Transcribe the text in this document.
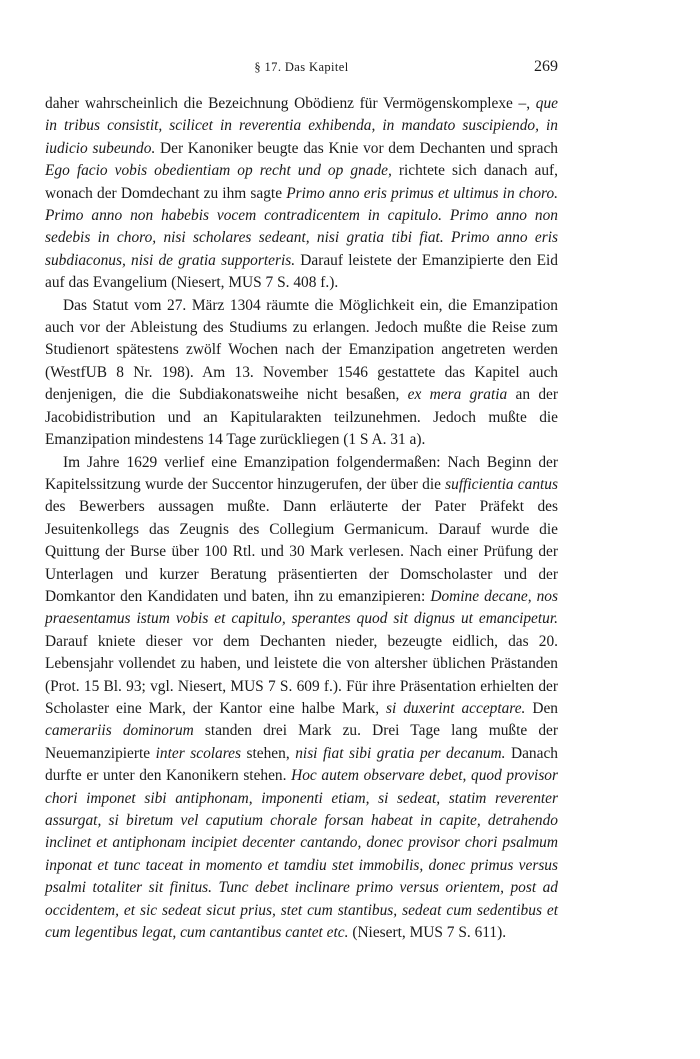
§ 17. Das Kapitel	269

daher wahrscheinlich die Bezeichnung Obödienz für Vermögenskomplexe –, que in tribus consistit, scilicet in reverentia exhibenda, in mandato suscipiendo, in iudicio subeundo. Der Kanoniker beugte das Knie vor dem Dechanten und sprach Ego facio vobis obedientiam op recht und op gnade, richtete sich danach auf, wonach der Domdechant zu ihm sagte Primo anno eris primus et ultimus in choro. Primo anno non habebis vocem contradicentem in capitulo. Primo anno non sedebis in choro, nisi scholares sedeant, nisi gratia tibi fiat. Primo anno eris subdiaconus, nisi de gratia supporteris. Darauf leistete der Emanzipierte den Eid auf das Evangelium (Niesert, MUS 7 S. 408 f.).

Das Statut vom 27. März 1304 räumte die Möglichkeit ein, die Emanzipation auch vor der Ableistung des Studiums zu erlangen. Jedoch mußte die Reise zum Studienort spätestens zwölf Wochen nach der Emanzipation angetreten werden (WestfUB 8 Nr. 198). Am 13. November 1546 gestattete das Kapitel auch denjenigen, die die Subdiakonatsweihe nicht besaßen, ex mera gratia an der Jacobidistribution und an Kapitularakten teilzunehmen. Jedoch mußte die Emanzipation mindestens 14 Tage zurückliegen (1 S A. 31 a).

Im Jahre 1629 verlief eine Emanzipation folgendermaßen: Nach Beginn der Kapitelssitzung wurde der Succentor hinzugerufen, der über die sufficientia cantus des Bewerbers aussagen mußte. Dann erläuterte der Pater Präfekt des Jesuitenkollegs das Zeugnis des Collegium Germanicum. Darauf wurde die Quittung der Burse über 100 Rtl. und 30 Mark verlesen. Nach einer Prüfung der Unterlagen und kurzer Beratung präsentierten der Domscholaster und der Domkantor den Kandidaten und baten, ihn zu emanzipieren: Domine decane, nos praesentamus istum vobis et capitulo, sperantes quod sit dignus ut emancipetur. Darauf kniete dieser vor dem Dechanten nieder, bezeugte eidlich, das 20. Lebensjahr vollendet zu haben, und leistete die von altersher üblichen Prästanden (Prot. 15 Bl. 93; vgl. Niesert, MUS 7 S. 609 f.). Für ihre Präsentation erhielten der Scholaster eine Mark, der Kantor eine halbe Mark, si duxerint acceptare. Den camerariis dominorum standen drei Mark zu. Drei Tage lang mußte der Neuemanzipierte inter scolares stehen, nisi fiat sibi gratia per decanum. Danach durfte er unter den Kanonikern stehen. Hoc autem observare debet, quod provisor chori imponet sibi antiphonam, imponenti etiam, si sedeat, statim reverenter assurgat, si biretum vel caputium chorale forsan habeat in capite, detrahendo inclinet et antiphonam incipiet decenter cantando, donec provisor chori psalmum inponat et tunc taceat in momento et tamdiu stet immobilis, donec primus versus psalmi totaliter sit finitus. Tunc debet inclinare primo versus orientem, post ad occidentem, et sic sedeat sicut prius, stet cum stantibus, sedeat cum sedentibus et cum legentibus legat, cum cantantibus cantet etc. (Niesert, MUS 7 S. 611).
